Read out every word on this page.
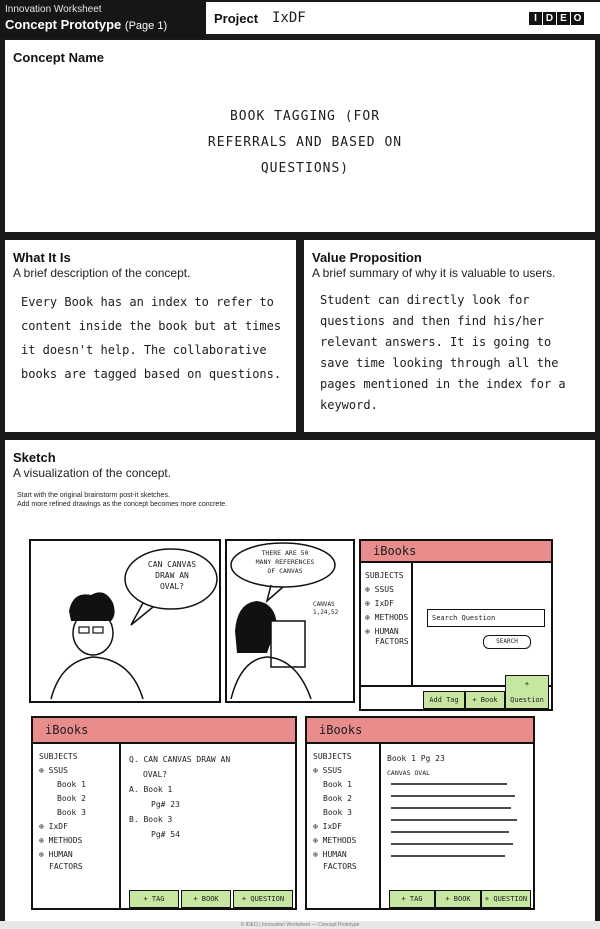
Innovation Worksheet
Concept Prototype (Page 1)	Project IxDF	I D E O
Concept Name
BOOK TAGGING (FOR
REFERRALS AND BASED ON
QUESTIONS)
What It Is
A brief description of the concept.
Every Book has an index to refer to
content inside the book but at times
it doesn't help. The collaborative
books are tagged based on questions.
Value Proposition
A brief summary of why it is valuable to users.
Student can directly look for
questions and then find his/her
relevant answers. It is going to
save time looking through all the
pages mentioned in the index for a
keyword.
Sketch
A visualization of the concept.
Start with the original brainstorm post-it sketches.
Add more refined drawings as the concept becomes more concrete.
CAN CANVAS
DRAW AN
OVAL?
THERE ARE 50
MANY REFERENCES
OF CANVAS
CANVAS
1,24,52
iBooks
SUBJECTS
⊕ SSUS
⊕ IxDF
⊕ METHODS
⊕ HUMAN
FACTORS
Search Question
SEARCH
Add Tag	+ Book
+ Question
iBooks
SUBJECTS
⊕ SSUS
Book 1
Book 2
Book 3
⊕ IxDF
⊕ METHODS
⊕ HUMAN
FACTORS
Q. CAN CANVAS DRAW AN
OVAL?
A. Book 1
Pg# 23
B. Book 3
Pg# 54
+ TAG	+ BOOK	+ QUESTION
iBooks
SUBJECTS
⊕ SSUS
Book 1
Book 2
Book 3
⊕ IxDF
⊕ METHODS
⊕ HUMAN
FACTORS
Book 1 Pg 23
CANVAS OVAL
+ TAG	+ BOOK	+ QUESTION
© IDEO | Innovation Worksheet — Concept Prototype
